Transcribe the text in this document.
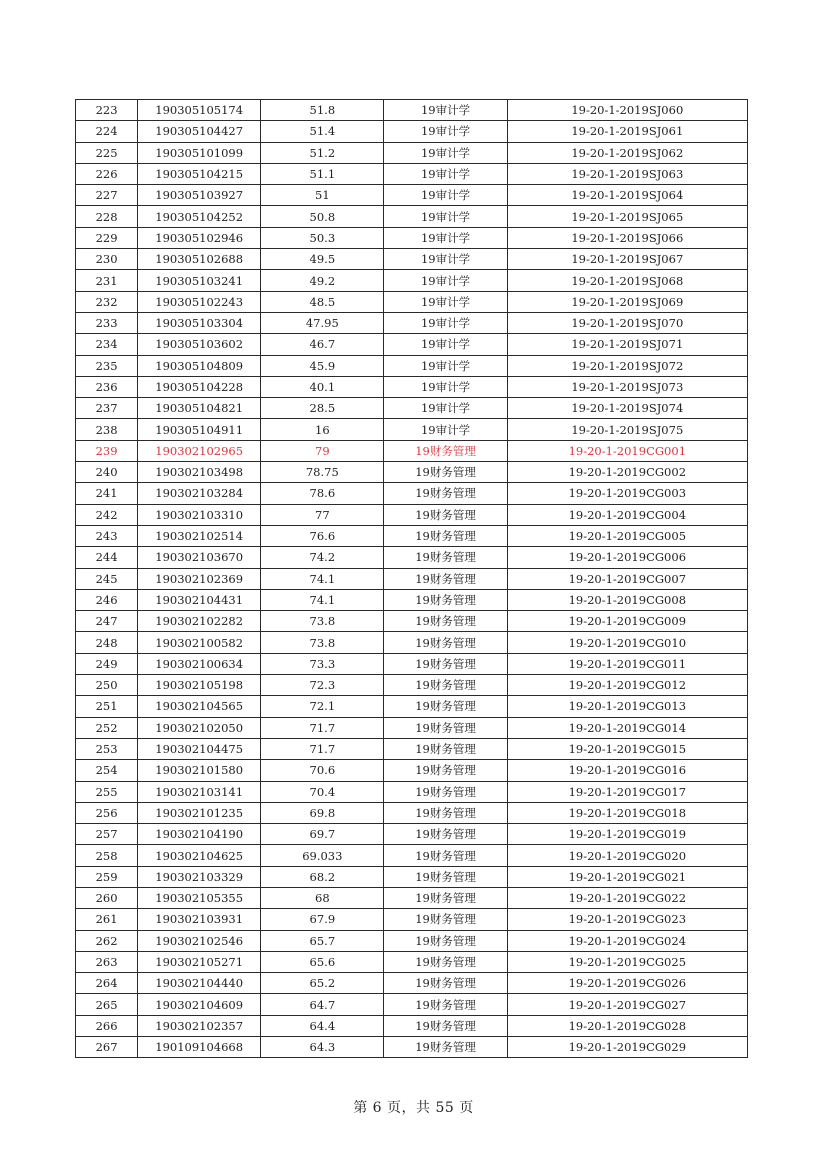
223	190305105174	51.8	19审计学	19-20-1-2019SJ060
224	190305104427	51.4	19审计学	19-20-1-2019SJ061
225	190305101099	51.2	19审计学	19-20-1-2019SJ062
226	190305104215	51.1	19审计学	19-20-1-2019SJ063
227	190305103927	51	19审计学	19-20-1-2019SJ064
228	190305104252	50.8	19审计学	19-20-1-2019SJ065
229	190305102946	50.3	19审计学	19-20-1-2019SJ066
230	190305102688	49.5	19审计学	19-20-1-2019SJ067
231	190305103241	49.2	19审计学	19-20-1-2019SJ068
232	190305102243	48.5	19审计学	19-20-1-2019SJ069
233	190305103304	47.95	19审计学	19-20-1-2019SJ070
234	190305103602	46.7	19审计学	19-20-1-2019SJ071
235	190305104809	45.9	19审计学	19-20-1-2019SJ072
236	190305104228	40.1	19审计学	19-20-1-2019SJ073
237	190305104821	28.5	19审计学	19-20-1-2019SJ074
238	190305104911	16	19审计学	19-20-1-2019SJ075
239	190302102965	79	19财务管理	19-20-1-2019CG001
240	190302103498	78.75	19财务管理	19-20-1-2019CG002
241	190302103284	78.6	19财务管理	19-20-1-2019CG003
242	190302103310	77	19财务管理	19-20-1-2019CG004
243	190302102514	76.6	19财务管理	19-20-1-2019CG005
244	190302103670	74.2	19财务管理	19-20-1-2019CG006
245	190302102369	74.1	19财务管理	19-20-1-2019CG007
246	190302104431	74.1	19财务管理	19-20-1-2019CG008
247	190302102282	73.8	19财务管理	19-20-1-2019CG009
248	190302100582	73.8	19财务管理	19-20-1-2019CG010
249	190302100634	73.3	19财务管理	19-20-1-2019CG011
250	190302105198	72.3	19财务管理	19-20-1-2019CG012
251	190302104565	72.1	19财务管理	19-20-1-2019CG013
252	190302102050	71.7	19财务管理	19-20-1-2019CG014
253	190302104475	71.7	19财务管理	19-20-1-2019CG015
254	190302101580	70.6	19财务管理	19-20-1-2019CG016
255	190302103141	70.4	19财务管理	19-20-1-2019CG017
256	190302101235	69.8	19财务管理	19-20-1-2019CG018
257	190302104190	69.7	19财务管理	19-20-1-2019CG019
258	190302104625	69.033	19财务管理	19-20-1-2019CG020
259	190302103329	68.2	19财务管理	19-20-1-2019CG021
260	190302105355	68	19财务管理	19-20-1-2019CG022
261	190302103931	67.9	19财务管理	19-20-1-2019CG023
262	190302102546	65.7	19财务管理	19-20-1-2019CG024
263	190302105271	65.6	19财务管理	19-20-1-2019CG025
264	190302104440	65.2	19财务管理	19-20-1-2019CG026
265	190302104609	64.7	19财务管理	19-20-1-2019CG027
266	190302102357	64.4	19财务管理	19-20-1-2019CG028
267	190109104668	64.3	19财务管理	19-20-1-2019CG029
第 6 页，共 55 页
